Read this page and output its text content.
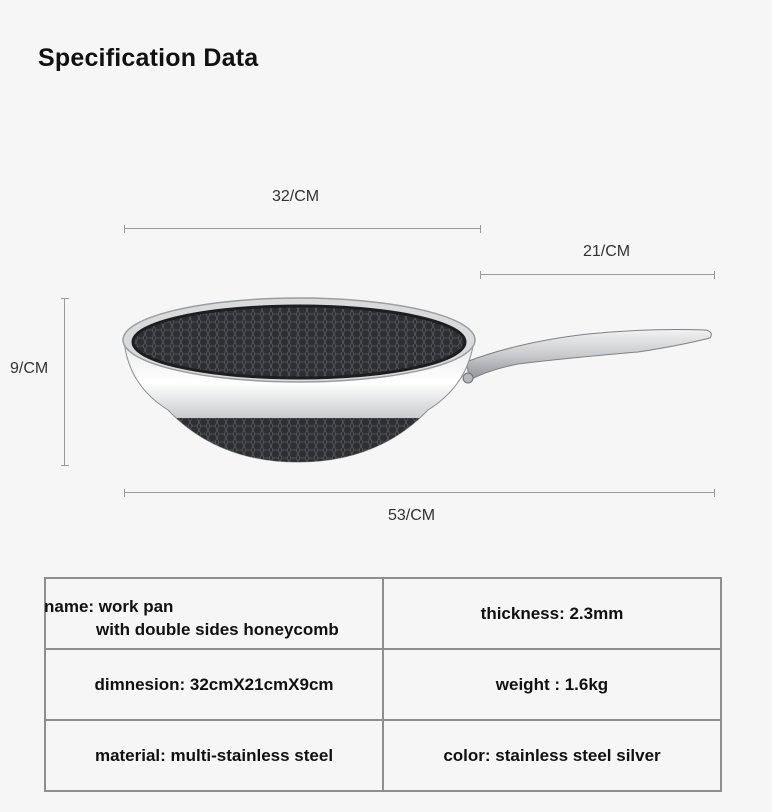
Specification Data
32/CM
21/CM
9/CM
53/CM
name: work pan
with double sides honeycomb	thickness: 2.3mm
dimnesion: 32cmX21cmX9cm	weight : 1.6kg
material: multi-stainless steel	color: stainless steel silver
